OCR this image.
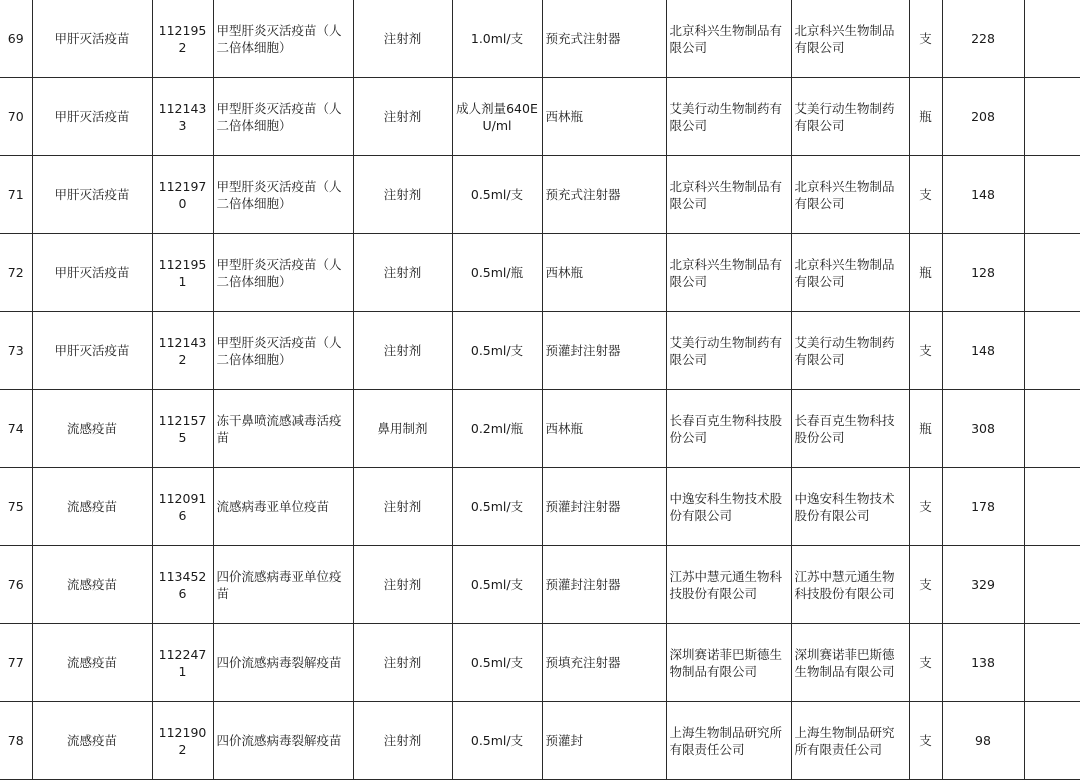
69	甲肝灭活疫苗	1121952	甲型肝炎灭活疫苗（人二倍体细胞）	注射剂	1.0ml/支	预充式注射器	北京科兴生物制品有限公司	北京科兴生物制品有限公司	支	228	
70	甲肝灭活疫苗	1121433	甲型肝炎灭活疫苗（人二倍体细胞）	注射剂	成人剂量640EU/ml	西林瓶	艾美行动生物制药有限公司	艾美行动生物制药有限公司	瓶	208	
71	甲肝灭活疫苗	1121970	甲型肝炎灭活疫苗（人二倍体细胞）	注射剂	0.5ml/支	预充式注射器	北京科兴生物制品有限公司	北京科兴生物制品有限公司	支	148	
72	甲肝灭活疫苗	1121951	甲型肝炎灭活疫苗（人二倍体细胞）	注射剂	0.5ml/瓶	西林瓶	北京科兴生物制品有限公司	北京科兴生物制品有限公司	瓶	128	
73	甲肝灭活疫苗	1121432	甲型肝炎灭活疫苗（人二倍体细胞）	注射剂	0.5ml/支	预灌封注射器	艾美行动生物制药有限公司	艾美行动生物制药有限公司	支	148	
74	流感疫苗	1121575	冻干鼻喷流感减毒活疫苗	鼻用制剂	0.2ml/瓶	西林瓶	长春百克生物科技股份公司	长春百克生物科技股份公司	瓶	308	
75	流感疫苗	1120916	流感病毒亚单位疫苗	注射剂	0.5ml/支	预灌封注射器	中逸安科生物技术股份有限公司	中逸安科生物技术股份有限公司	支	178	
76	流感疫苗	1134526	四价流感病毒亚单位疫苗	注射剂	0.5ml/支	预灌封注射器	江苏中慧元通生物科技股份有限公司	江苏中慧元通生物科技股份有限公司	支	329	
77	流感疫苗	1122471	四价流感病毒裂解疫苗	注射剂	0.5ml/支	预填充注射器	深圳赛诺菲巴斯德生物制品有限公司	深圳赛诺菲巴斯德生物制品有限公司	支	138	
78	流感疫苗	1121902	四价流感病毒裂解疫苗	注射剂	0.5ml/支	预灌封	上海生物制品研究所有限责任公司	上海生物制品研究所有限责任公司	支	98	
